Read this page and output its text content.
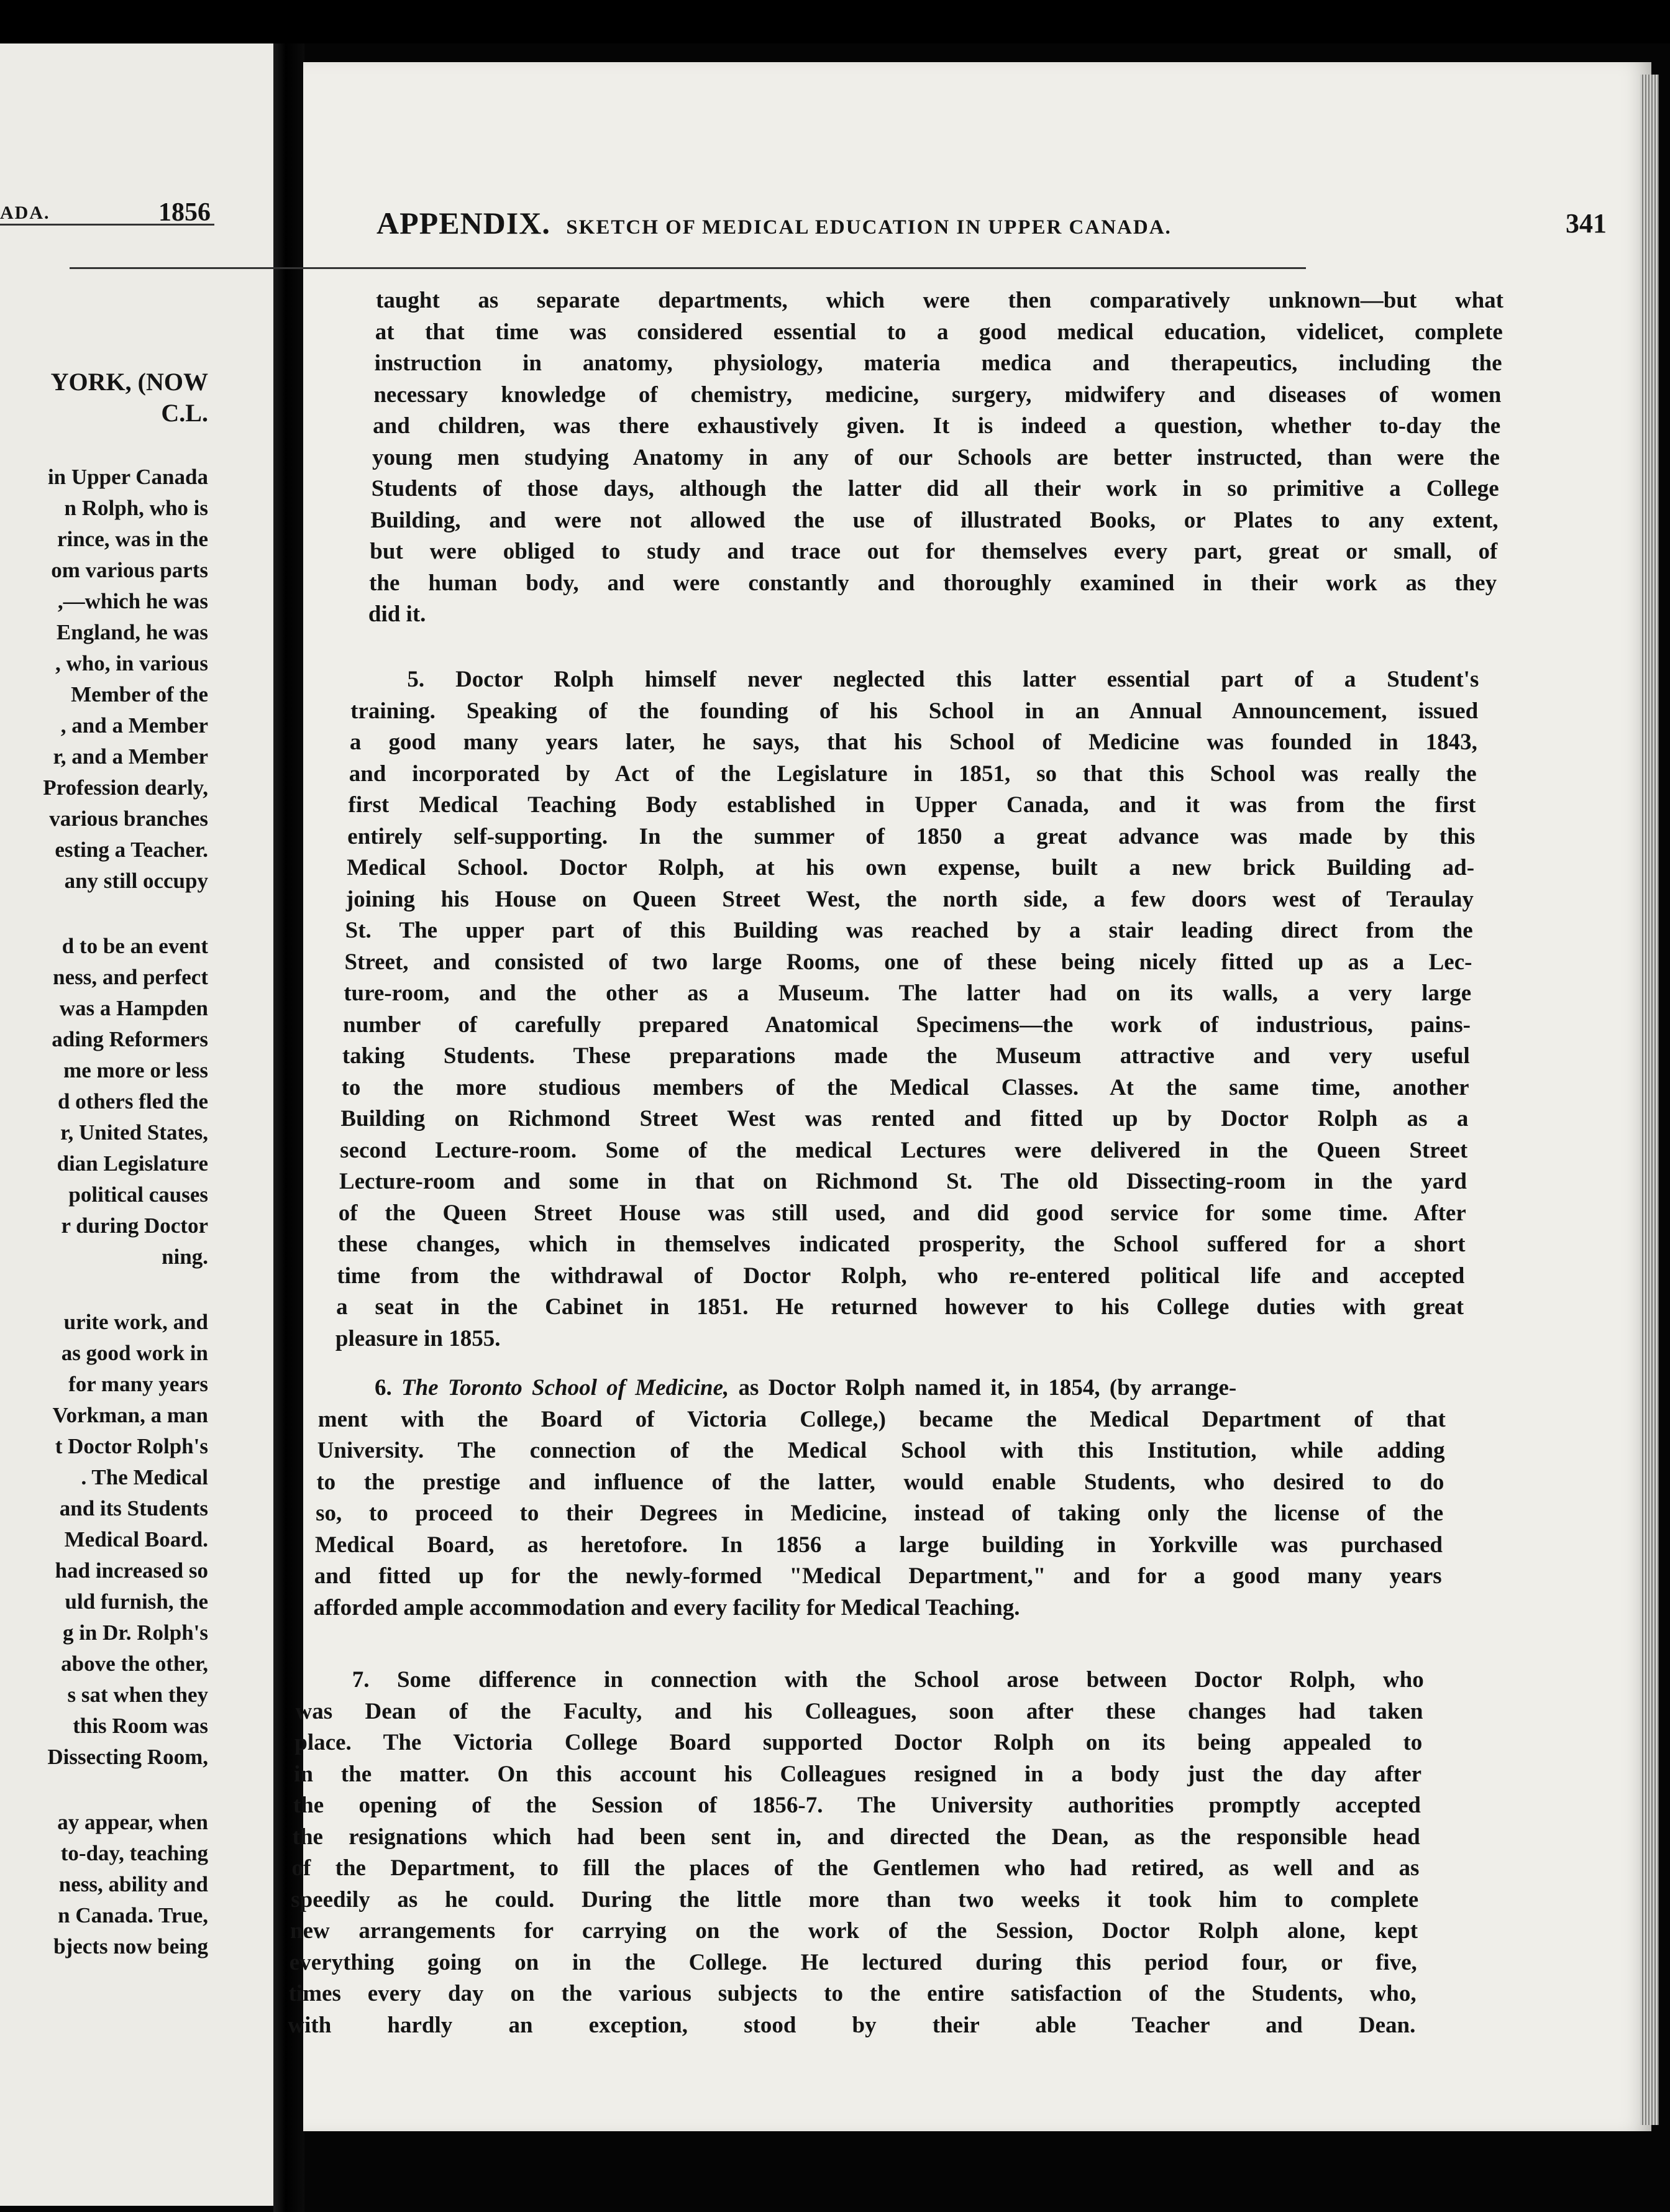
ADA.	1856
YORK, (NOW
C.L.
in Upper Canada
n Rolph, who is
rince, was in the
om various parts
,—which he was
England, he was
, who, in various
Member of the
, and a Member
r, and a Member
Profession dearly,
various branches
esting a Teacher.
any still occupy
d to be an event
ness, and perfect
was a Hampden
ading Reformers
me more or less
d others fled the
r, United States,
dian Legislature
political causes
r during Doctor
ning.
urite work, and
as good work in
for many years
Vorkman, a man
t Doctor Rolph's
. The Medical
and its Students
Medical Board.
had increased so
uld furnish, the
g in Dr. Rolph's
above the other,
s sat when they
this Room was
Dissecting Room,
ay appear, when
to-day, teaching
ness, ability and
n Canada. True,
bjects now being
APPENDIX. SKETCH OF MEDICAL EDUCATION IN UPPER CANADA.	341
taught as separate departments, which were then comparatively unknown—but what
at that time was considered essential to a good medical education, videlicet, complete
instruction in anatomy, physiology, materia medica and therapeutics, including the
necessary knowledge of chemistry, medicine, surgery, midwifery and diseases of women
and children, was there exhaustively given. It is indeed a question, whether to-day the
young men studying Anatomy in any of our Schools are better instructed, than were the
Students of those days, although the latter did all their work in so primitive a College
Building, and were not allowed the use of illustrated Books, or Plates to any extent,
but were obliged to study and trace out for themselves every part, great or small, of
the human body, and were constantly and thoroughly examined in their work as they
did it.
5. Doctor Rolph himself never neglected this latter essential part of a Student's
training. Speaking of the founding of his School in an Annual Announcement, issued
a good many years later, he says, that his School of Medicine was founded in 1843,
and incorporated by Act of the Legislature in 1851, so that this School was really the
first Medical Teaching Body established in Upper Canada, and it was from the first
entirely self-supporting. In the summer of 1850 a great advance was made by this
Medical School. Doctor Rolph, at his own expense, built a new brick Building ad-
joining his House on Queen Street West, the north side, a few doors west of Teraulay
St. The upper part of this Building was reached by a stair leading direct from the
Street, and consisted of two large Rooms, one of these being nicely fitted up as a Lec-
ture-room, and the other as a Museum. The latter had on its walls, a very large
number of carefully prepared Anatomical Specimens—the work of industrious, pains-
taking Students. These preparations made the Museum attractive and very useful
to the more studious members of the Medical Classes. At the same time, another
Building on Richmond Street West was rented and fitted up by Doctor Rolph as a
second Lecture-room. Some of the medical Lectures were delivered in the Queen Street
Lecture-room and some in that on Richmond St. The old Dissecting-room in the yard
of the Queen Street House was still used, and did good service for some time. After
these changes, which in themselves indicated prosperity, the School suffered for a short
time from the withdrawal of Doctor Rolph, who re-entered political life and accepted
a seat in the Cabinet in 1851. He returned however to his College duties with great
pleasure in 1855.
6. The Toronto School of Medicine, as Doctor Rolph named it, in 1854, (by arrange-
ment with the Board of Victoria College,) became the Medical Department of that
University. The connection of the Medical School with this Institution, while adding
to the prestige and influence of the latter, would enable Students, who desired to do
so, to proceed to their Degrees in Medicine, instead of taking only the license of the
Medical Board, as heretofore. In 1856 a large building in Yorkville was purchased
and fitted up for the newly-formed "Medical Department," and for a good many years
afforded ample accommodation and every facility for Medical Teaching.
7. Some difference in connection with the School arose between Doctor Rolph, who
was Dean of the Faculty, and his Colleagues, soon after these changes had taken
place. The Victoria College Board supported Doctor Rolph on its being appealed to
in the matter. On this account his Colleagues resigned in a body just the day after
the opening of the Session of 1856-7. The University authorities promptly accepted
the resignations which had been sent in, and directed the Dean, as the responsible head
of the Department, to fill the places of the Gentlemen who had retired, as well and as
speedily as he could. During the little more than two weeks it took him to complete
new arrangements for carrying on the work of the Session, Doctor Rolph alone, kept
everything going on in the College. He lectured during this period four, or five,
times every day on the various subjects to the entire satisfaction of the Students, who,
with hardly an exception, stood by their able Teacher and Dean.
